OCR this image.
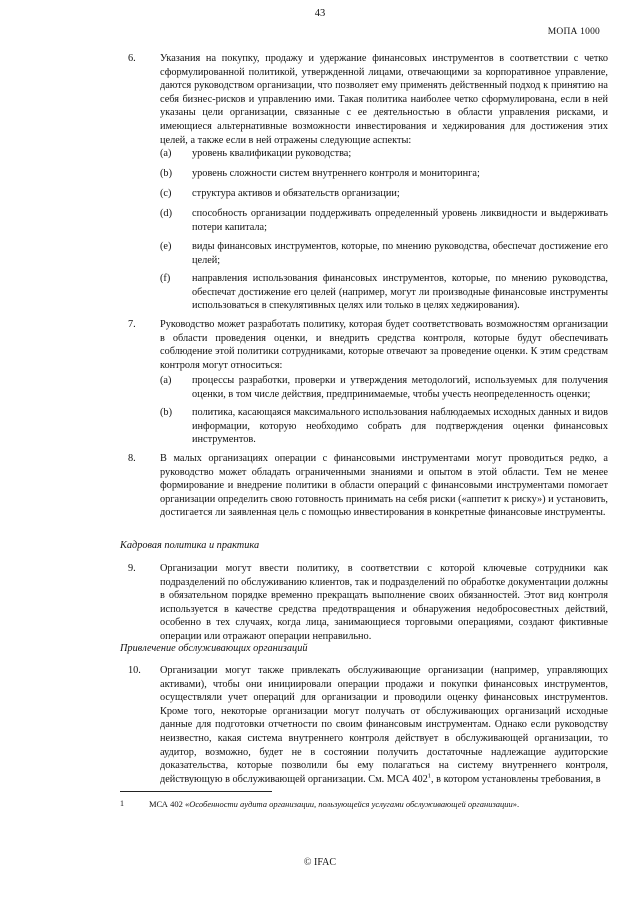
43
МОПА 1000
6. Указания на покупку, продажу и удержание финансовых инструментов в соответствии с четко сформулированной политикой, утвержденной лицами, отвечающими за корпоративное управление, даются руководством организации, что позволяет ему применять действенный подход к принятию на себя бизнес-рисков и управлению ими. Такая политика наиболее четко сформулирована, если в ней указаны цели организации, связанные с ее деятельностью в области управления рисками, и имеющиеся альтернативные возможности инвестирования и хеджирования для достижения этих целей, а также если в ней отражены следующие аспекты:

(a) уровень квалификации руководства;
(b) уровень сложности систем внутреннего контроля и мониторинга;
(c) структура активов и обязательств организации;
(d) способность организации поддерживать определенный уровень ликвидности и выдерживать потери капитала;
(e) виды финансовых инструментов, которые, по мнению руководства, обеспечат достижение его целей;
(f) направления использования финансовых инструментов, которые, по мнению руководства, обеспечат достижение его целей (например, могут ли производные финансовые инструменты использоваться в спекулятивных целях или только в целях хеджирования).
7. Руководство может разработать политику, которая будет соответствовать возможностям организации в области проведения оценки, и внедрить средства контроля, которые будут обеспечивать соблюдение этой политики сотрудниками, которые отвечают за проведение оценки. К этим средствам контроля могут относиться:

(a) процессы разработки, проверки и утверждения методологий, используемых для получения оценки, в том числе действия, предпринимаемые, чтобы учесть неопределенность оценки;
(b) политика, касающаяся максимального использования наблюдаемых исходных данных и видов информации, которую необходимо собрать для подтверждения оценки финансовых инструментов.
8. В малых организациях операции с финансовыми инструментами могут проводиться редко, а руководство может обладать ограниченными знаниями и опытом в этой области. Тем не менее формирование и внедрение политики в области операций с финансовыми инструментами помогает организации определить свою готовность принимать на себя риски («аппетит к риску») и установить, достигается ли заявленная цель с помощью инвестирования в конкретные финансовые инструменты.

Кадровая политика и практика
9. Организации могут ввести политику, в соответствии с которой ключевые сотрудники как подразделений по обслуживанию клиентов, так и подразделений по обработке документации должны в обязательном порядке временно прекращать выполнение своих обязанностей. Этот вид контроля используется в качестве средства предотвращения и обнаружения недобросовестных действий, особенно в тех случаях, когда лица, занимающиеся торговыми операциями, создают фиктивные операции или отражают операции неправильно.

Привлечение обслуживающих организаций
10. Организации могут также привлекать обслуживающие организации (например, управляющих активами), чтобы они инициировали операции продажи и покупки финансовых инструментов, осуществляли учет операций для организации и проводили оценку финансовых инструментов. Кроме того, некоторые организации могут получать от обслуживающих организаций исходные данные для подготовки отчетности по своим финансовым инструментам. Однако если руководству неизвестно, какая система внутреннего контроля действует в обслуживающей организации, то аудитор, возможно, будет не в состоянии получить достаточные надлежащие аудиторские доказательства, которые позволили бы ему полагаться на систему внутреннего контроля, действующую в обслуживающей организации. См. МСА $402^1$, в котором установлены требования, в

1	МСА 402 «Особенности аудита организации, пользующейся услугами обслуживающей организации».
© IFAC
